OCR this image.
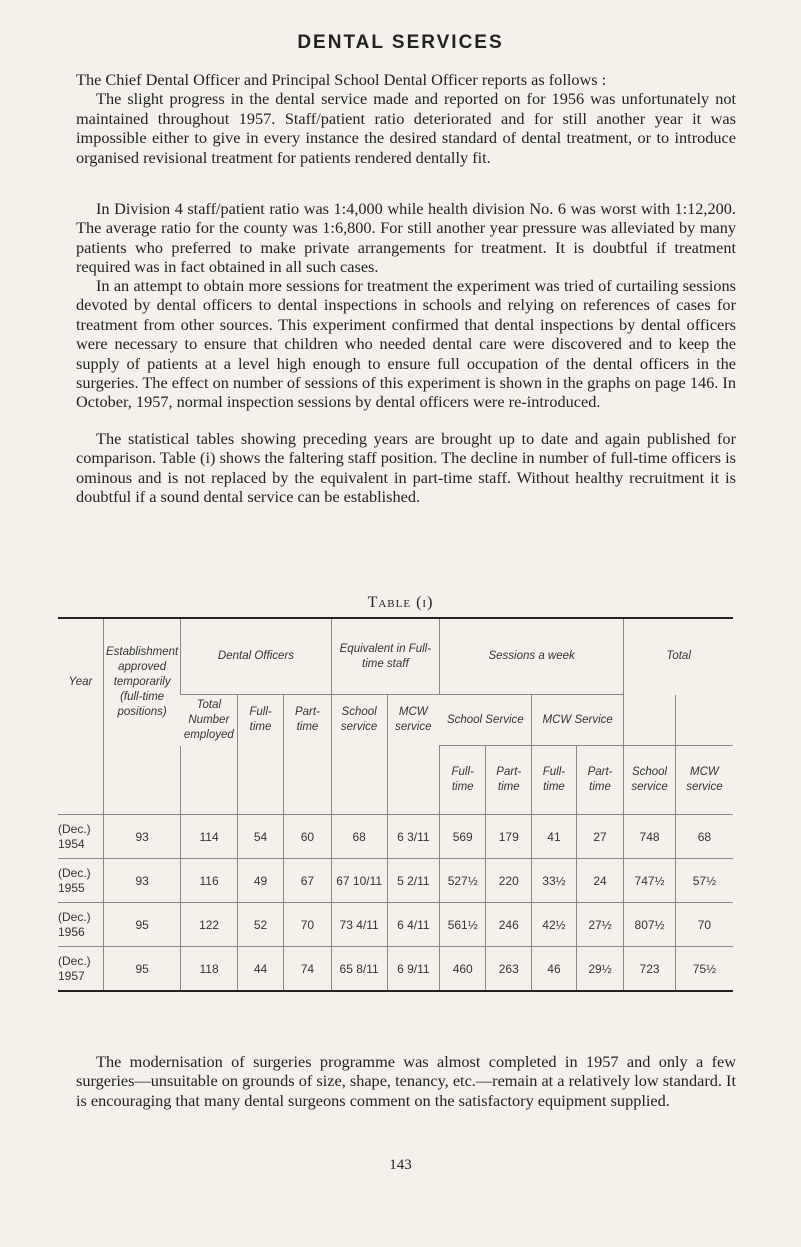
DENTAL SERVICES

The Chief Dental Officer and Principal School Dental Officer reports as follows :

The slight progress in the dental service made and reported on for 1956 was unfortunately not maintained throughout 1957. Staff/patient ratio deteriorated and for still another year it was impossible either to give in every instance the desired standard of dental treatment, or to introduce organised revisional treatment for patients rendered dentally fit.

In Division 4 staff/patient ratio was 1:4,000 while health division No. 6 was worst with 1:12,200. The average ratio for the county was 1:6,800. For still another year pressure was alleviated by many patients who preferred to make private arrangements for treatment. It is doubtful if treatment required was in fact obtained in all such cases.

In an attempt to obtain more sessions for treatment the experiment was tried of curtailing sessions devoted by dental officers to dental inspections in schools and relying on references of cases for treatment from other sources. This experiment confirmed that dental inspections by dental officers were necessary to ensure that children who needed dental care were discovered and to keep the supply of patients at a level high enough to ensure full occupation of the dental officers in the surgeries. The effect on number of sessions of this experiment is shown in the graphs on page 146. In October, 1957, normal inspection sessions by dental officers were re-introduced.

The statistical tables showing preceding years are brought up to date and again published for comparison. Table (i) shows the faltering staff position. The decline in number of full-time officers is ominous and is not replaced by the equivalent in part-time staff. Without healthy recruitment it is doubtful if a sound dental service can be established.

Table (i)
Year	Establishment approved temporarily (full-time positions)	Dental Officers			Equivalent in Full-time staff		Sessions a week				Total	
		Total Number employed	Full-time	Part-time	School service	MCW service						
							School Service		MCW Service			
							Full-time	Part-time	Full-time	Part-time	School service	MCW service
(Dec.)
1954	93	114	54	60	68	6 3/11	569	179	41	27	748	68
(Dec.)
1955	93	116	49	67	67 10/11	5 2/11	527½	220	33½	24	747½	57½
(Dec.)
1956	95	122	52	70	73 4/11	6 4/11	561½	246	42½	27½	807½	70
(Dec.)
1957	95	118	44	74	65 8/11	6 9/11	460	263	46	29½	723	75½

The modernisation of surgeries programme was almost completed in 1957 and only a few surgeries—unsuitable on grounds of size, shape, tenancy, etc.—remain at a relatively low standard. It is encouraging that many dental surgeons comment on the satisfactory equipment supplied.

143
